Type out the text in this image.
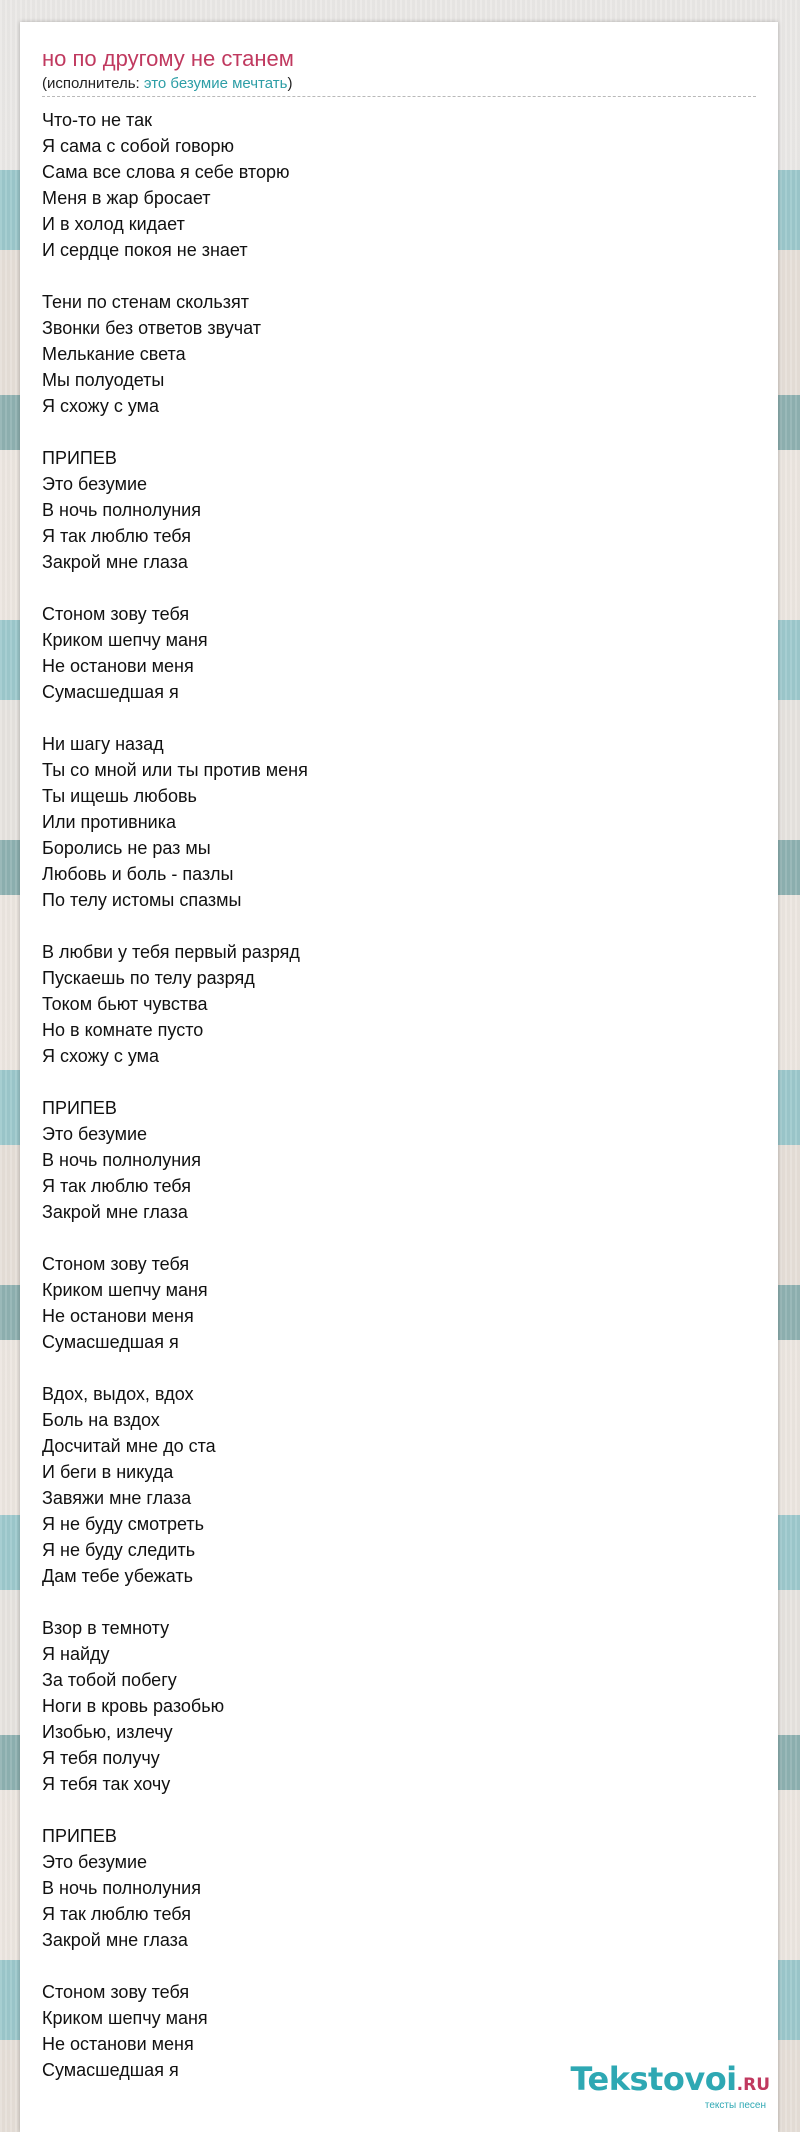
но по другому не станем
(исполнитель: это безумие мечтать)
Что-то не так
Я сама с собой говорю
Сама все слова я себе вторю
Меня в жар бросает
И в холод кидает
И сердце покоя не знает
Тени по стенам скользят
Звонки без ответов звучат
Мелькание света
Мы полуодеты
Я схожу с ума
ПРИПЕВ
Это безумие
В ночь полнолуния
Я так люблю тебя
Закрой мне глаза
Стоном зову тебя
Криком шепчу маня
Не останови меня
Сумасшедшая я
Ни шагу назад
Ты со мной или ты против меня
Ты ищешь любовь
Или противника
Боролись не раз мы
Любовь и боль - пазлы
По телу истомы спазмы
В любви у тебя первый разряд
Пускаешь по телу разряд
Током бьют чувства
Но в комнате пусто
Я схожу с ума
ПРИПЕВ
Это безумие
В ночь полнолуния
Я так люблю тебя
Закрой мне глаза
Стоном зову тебя
Криком шепчу маня
Не останови меня
Сумасшедшая я
Вдох, выдох, вдох
Боль на вздох
Досчитай мне до ста
И беги в никуда
Завяжи мне глаза
Я не буду смотреть
Я не буду следить
Дам тебе убежать
Взор в темноту
Я найду
За тобой побегу
Ноги в кровь разобью
Изобью, излечу
Я тебя получу
Я тебя так хочу
ПРИПЕВ
Это безумие
В ночь полнолуния
Я так люблю тебя
Закрой мне глаза
Стоном зову тебя
Криком шепчу маня
Не останови меня
Сумасшедшая я	Tekstovoi.RU
тексты песен
